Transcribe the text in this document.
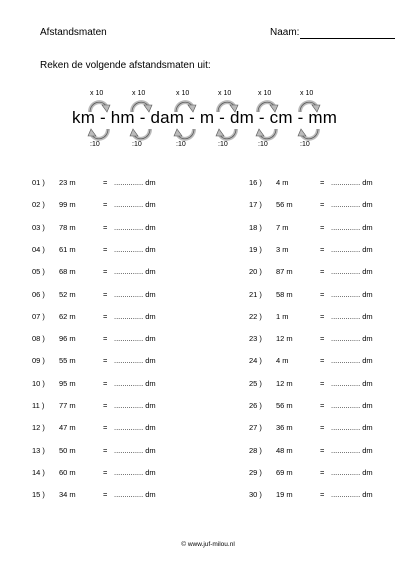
Afstandsmaten	Naam:
Reken de volgende afstandsmaten uit:
x 10
:10
x 10
:10
x 10
:10
x 10
:10
x 10
:10
x 10
:10
km - hm - dam - m - dm - cm - mm
01 ) 23 m	= .............. dm
02 ) 99 m	= .............. dm
03 ) 78 m	= .............. dm
04 ) 61 m	= .............. dm
05 ) 68 m	= .............. dm
06 ) 52 m	= .............. dm
07 ) 62 m	= .............. dm
08 ) 96 m	= .............. dm
09 ) 55 m	= .............. dm
10 ) 95 m	= .............. dm
11 ) 77 m	= .............. dm
12 ) 47 m	= .............. dm
13 ) 50 m	= .............. dm
14 ) 60 m	= .............. dm
15 ) 34 m	= .............. dm
16 ) 4 m	= .............. dm
17 ) 56 m	= .............. dm
18 ) 7 m	= .............. dm
19 ) 3 m	= .............. dm
20 ) 87 m	= .............. dm
21 ) 58 m	= .............. dm
22 ) 1 m	= .............. dm
23 ) 12 m	= .............. dm
24 ) 4 m	= .............. dm
25 ) 12 m	= .............. dm
26 ) 56 m	= .............. dm
27 ) 36 m	= .............. dm
28 ) 48 m	= .............. dm
29 ) 69 m	= .............. dm
30 ) 19 m	= .............. dm
© www.juf-milou.nl
